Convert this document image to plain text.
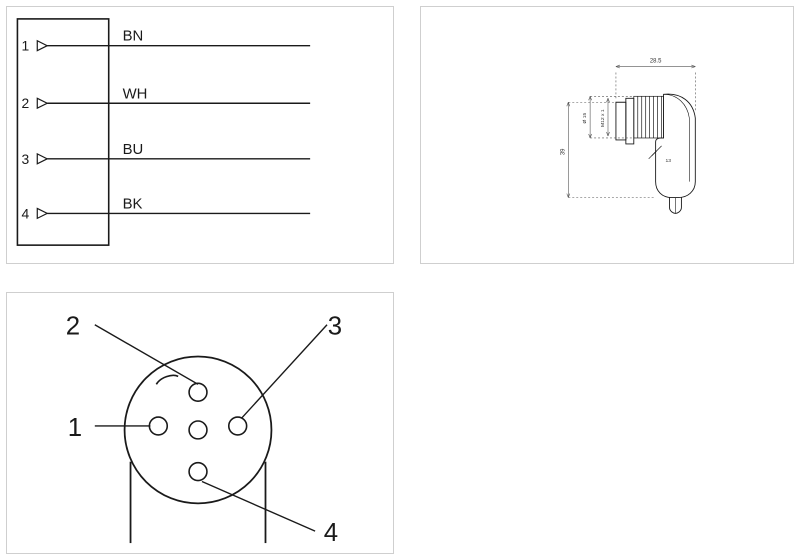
1
BN
2
WH
3
BU
4
BK
28.5
39
Ø 15	M12 x 1
13
2	3
1
4
